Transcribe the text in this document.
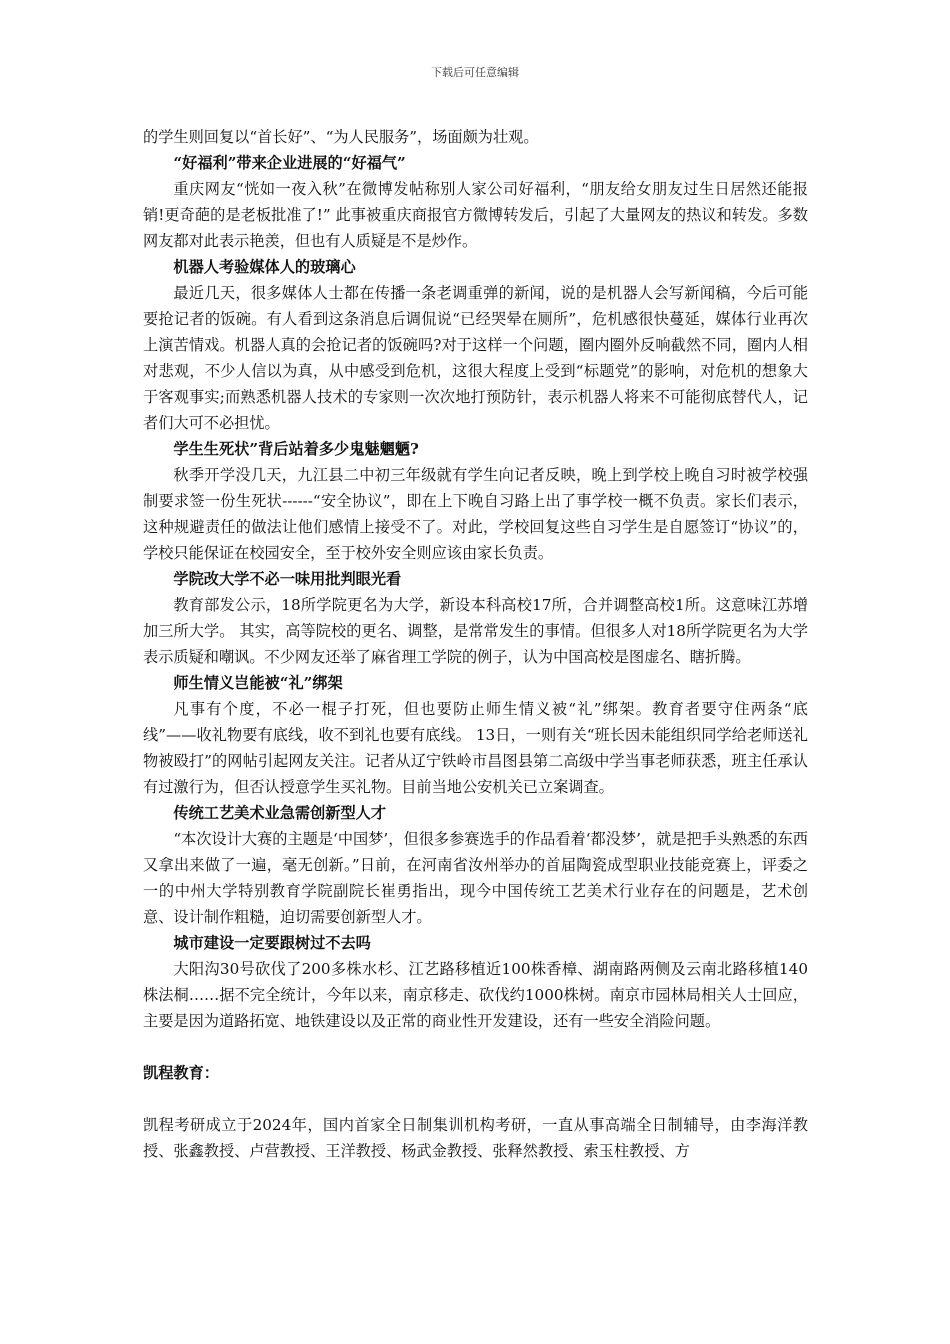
下载后可任意编辑

的学生则回复以“首长好”、“为人民服务”，场面颇为壮观。

“好福利”带来企业进展的“好福气”

重庆网友“恍如一夜入秋”在微博发帖称别人家公司好福利，“朋友给女朋友过生日居然还能报销!更奇葩的是老板批准了!” 此事被重庆商报官方微博转发后，引起了大量网友的热议和转发。多数网友都对此表示艳羡，但也有人质疑是不是炒作。

机器人考验媒体人的玻璃心

最近几天，很多媒体人士都在传播一条老调重弹的新闻，说的是机器人会写新闻稿，今后可能要抢记者的饭碗。有人看到这条消息后调侃说“已经哭晕在厕所”，危机感很快蔓延，媒体行业再次上演苦情戏。机器人真的会抢记者的饭碗吗?对于这样一个问题，圈内圈外反响截然不同，圈内人相对悲观，不少人信以为真，从中感受到危机，这很大程度上受到“标题党”的影响，对危机的想象大于客观事实;而熟悉机器人技术的专家则一次次地打预防针，表示机器人将来不可能彻底替代人，记者们大可不必担忧。

学生生死状”背后站着多少鬼魅魍魉?

秋季开学没几天，九江县二中初三年级就有学生向记者反映，晚上到学校上晚自习时被学校强制要求签一份生死状------“安全协议”，即在上下晚自习路上出了事学校一概不负责。家长们表示，这种规避责任的做法让他们感情上接受不了。对此，学校回复这些自习学生是自愿签订“协议”的，学校只能保证在校园安全，至于校外安全则应该由家长负责。

学院改大学不必一味用批判眼光看

教育部发公示，18所学院更名为大学，新设本科高校17所，合并调整高校1所。这意味江苏增加三所大学。 其实，高等院校的更名、调整，是常常发生的事情。但很多人对18所学院更名为大学表示质疑和嘲讽。不少网友还举了麻省理工学院的例子，认为中国高校是图虚名、瞎折腾。

师生情义岂能被“礼”绑架

凡事有个度，不必一棍子打死，但也要防止师生情义被“礼”绑架。教育者要守住两条“底线”——收礼物要有底线，收不到礼也要有底线。 13日，一则有关“班长因未能组织同学给老师送礼物被殴打”的网帖引起网友关注。记者从辽宁铁岭市昌图县第二高级中学当事老师获悉，班主任承认有过激行为，但否认授意学生买礼物。目前当地公安机关已立案调查。

传统工艺美术业急需创新型人才

“本次设计大赛的主题是‘中国梦’，但很多参赛选手的作品看着‘都没梦’，就是把手头熟悉的东西又拿出来做了一遍，毫无创新。”日前，在河南省汝州举办的首届陶瓷成型职业技能竞赛上，评委之一的中州大学特别教育学院副院长崔勇指出，现今中国传统工艺美术行业存在的问题是，艺术创意、设计制作粗糙，迫切需要创新型人才。

城市建设一定要跟树过不去吗

大阳沟30号砍伐了200多株水杉、江艺路移植近100株香樟、湖南路两侧及云南北路移植140株法桐……据不完全统计，今年以来，南京移走、砍伐约1000株树。南京市园林局相关人士回应，主要是因为道路拓宽、地铁建设以及正常的商业性开发建设，还有一些安全消险问题。

凯程教育：

凯程考研成立于2024年，国内首家全日制集训机构考研，一直从事高端全日制辅导，由李海洋教授、张鑫教授、卢营教授、王洋教授、杨武金教授、张释然教授、索玉柱教授、方
